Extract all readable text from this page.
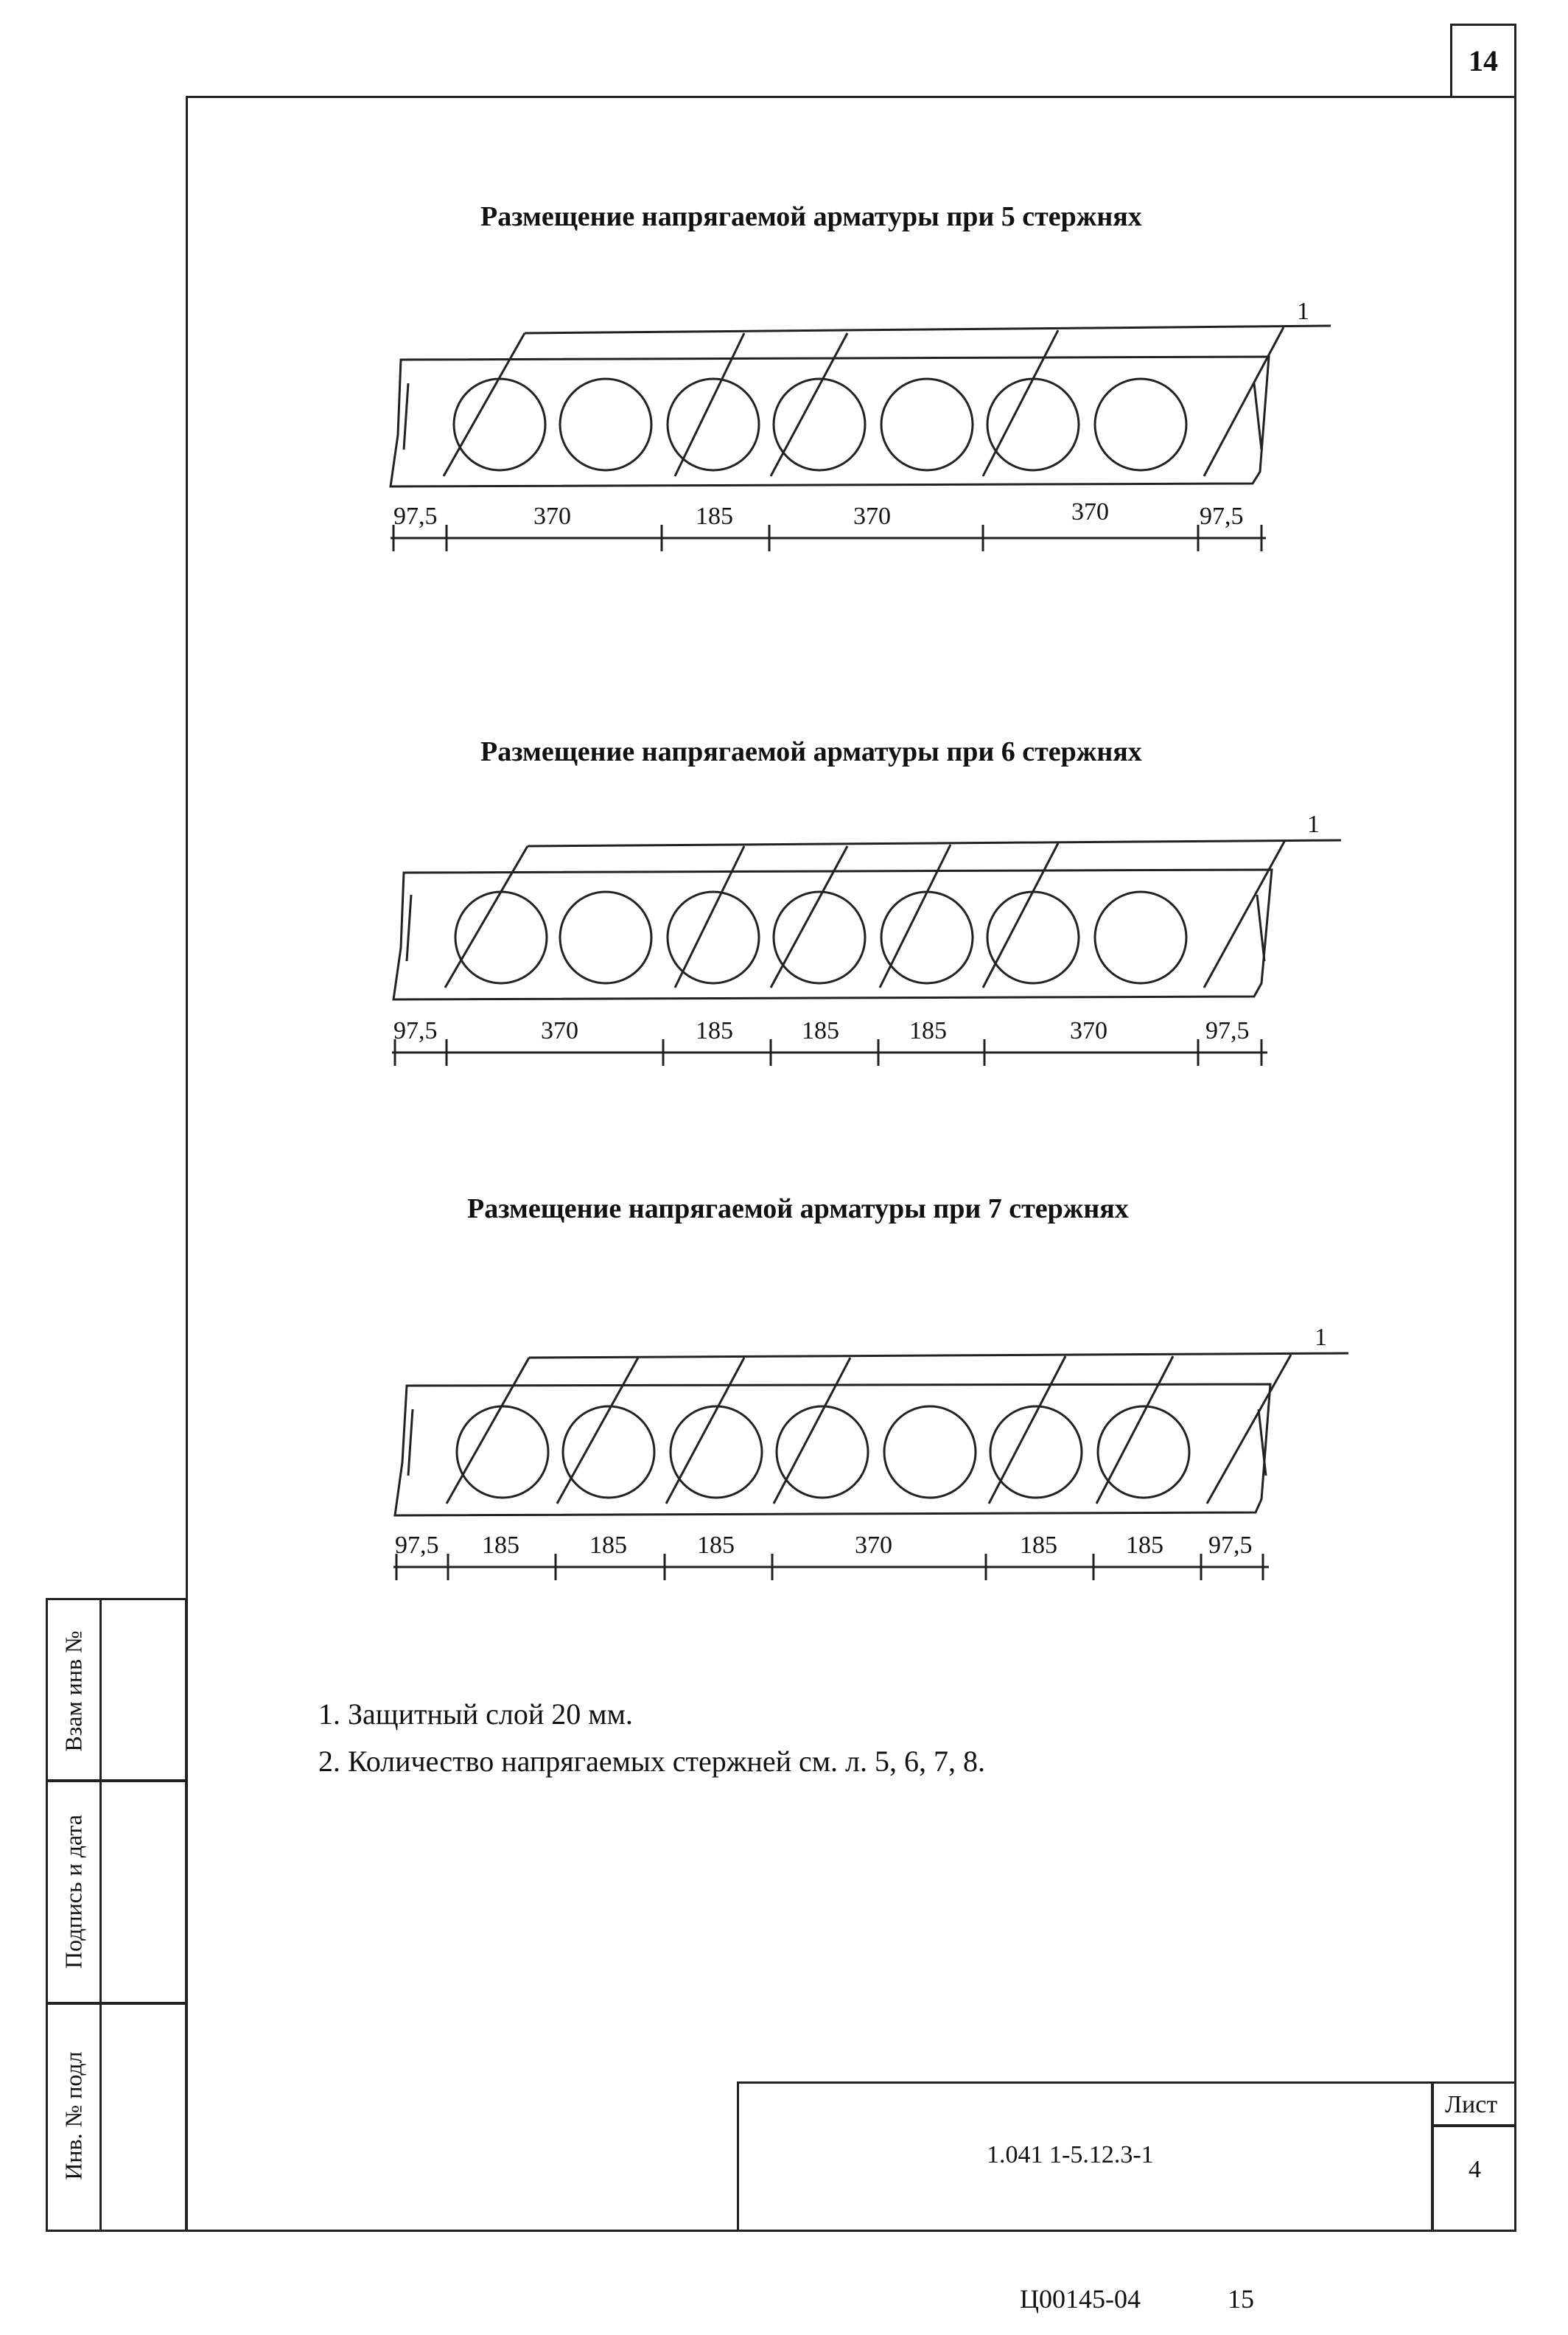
14
Размещение напрягаемой арматуры при 5 стержнях
Размещение напрягаемой арматуры при 6 стержнях
Размещение напрягаемой арматуры при 7 стержнях
1
1
1
97,5	370	185	370	370	97,5
97,5	370	185	185	185	370	97,5
97,5 185	185	185	370	185	185 97,5
1. Защитный слой 20 мм.
2. Количество напрягаемых стержней см. л. 5, 6, 7, 8.
Взам инв №
Подпись и дата
Инв. № подл	1.041 1-5.12.3-1
Лист
4
Ц00145-04	15
